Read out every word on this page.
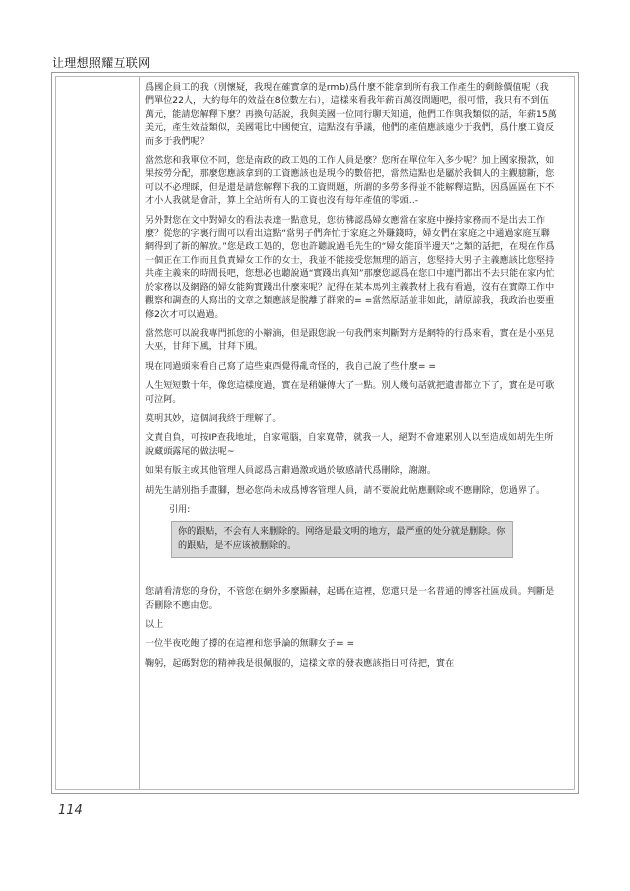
让理想照耀互联网

爲國企員工的我（別懷疑，我現在確實拿的是rmb)爲什麼不能拿到所有我工作產生的剩餘價值呢（我們單位22人，大約每年的效益在8位數左右），這樣來看我年薪百萬沒問題吧，很可惜，我只有不到伍萬元，能請您解釋下麼？再換句話說，我與美國一位同行聊天知道，他們工作與我類似的話，年薪15萬美元，產生效益類似，美國電比中國便宜，這點沒有爭議，他們的產值應該遠少于我們，爲什麼工資反而多于我們呢？

當然您和我單位不同，您是南政的政工処的工作人員是麼？您所在單位年入多少呢？加上國家撥款，如果按勞分配，那麼您應該拿到的工資應該也是現今的數倍把，當然這點也是屬於我個人的主觀臆斷，您可以不必理睬，但是還是請您解釋下我的工資問題，所謂的多勞多得並不能解釋這點，因爲區區在下不才小人我就是會計，算上全站所有人的工資也沒有每年產值的零頭‥-

另外對您在文中對婦女的看法表達一點意見，您彷彿認爲婦女應當在家庭中操持家務而不是出去工作麼？從您的字裏行間可以看出這點“當男子們奔忙于家庭之外賺錢時，婦女們在家庭之中通過家庭互聯網得到了新的解放。”您是政工処的，您也許聽說過毛先生的“婦女能頂半邊天”之類的話把，在現在作爲一個正在工作而且負責婦女工作的女士，我並不能接受您無理的語言，您堅持大男子主義應該比您堅持共產主義來的時間長吧，您想必也聽說過“實踐出真知”那麼您認爲在您口中連門都出不去只能在家内忙於家務以及網路的婦女能夠實踐出什麼來呢？記得在某本馬列主義教材上我有看過，沒有在實際工作中觀察和調查的人寫出的文章之類應該是脫離了群衆的= =當然原話並非如此，請原諒我，我政治也要重修2次才可以過過。

當然您可以說我專門抓您的小辮滴，但是跟您說一句我們來判斷對方是網特的行爲來看，實在是小巫見大巫，甘拜下風，甘拜下風。

現在同過頭來看自己寫了這些東西覺得亂奇怪的，我自己說了些什麼= =

人生短短數十年，像您這樣度過，實在是稍嫌傳大了一點。別人幾句話就把遺書都立下了，實在是可歌可泣阿。

莫明其妙，這個詞我終于理解了。

文責自負，可按IP查我地址，自家電腦，自家寬帶，就我一人，絕對不會連累別人以至造成如胡先生所說藏頭露尾的做法呢~

如果有版主或其他管理人員認爲言辭過激或過於敏感請代爲刪除，謝謝。

胡先生請別指手畫腳，想必您尚未成爲博客管理人員，請不要說此帖應刪除或不應刪除，您過界了。

引用:

你的跟贴，不会有人来删除的。网络是最文明的地方，最严重的处分就是删除。你的跟贴，是不应该被删除的。

您請看清您的身份，不管您在網外多麼顯赫，起碼在這裡，您還只是一名普通的博客社區成員。判斷是否刪除不應由您。

以上

一位半夜吃飽了撐的在這裡和您爭論的無聊女子= =

鞠躬，起碼對您的精神我是很佩服的，這樣文章的發表應該指日可待把，實在

114
